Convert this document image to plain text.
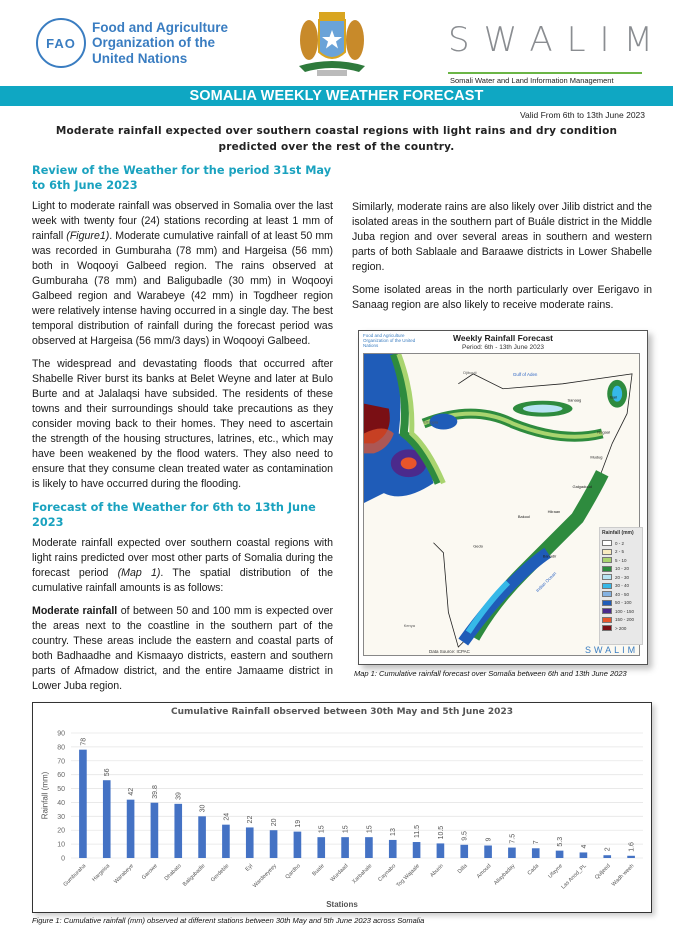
FAO
Food and Agriculture
Organization of the
United Nations	SWALIM
Somali Water and Land Information Management
SOMALIA WEEKLY WEATHER FORECAST
Valid From 6th to 13th June 2023
Moderate rainfall expected over southern coastal regions with light rains and dry condition predicted over the rest of the country.
Review of the Weather for the period 31st May to 6th June 2023

Light to moderate rainfall was observed in Somalia over the last week with twenty four (24) stations recording at least 1 mm of rainfall (Figure1). Moderate cumulative rainfall of at least 50 mm was recorded in Gumburaha (78 mm) and Hargeisa (56 mm) both in Woqooyi Galbeed region. The rains observed at Gumburaha (78 mm) and Baligubadle (30 mm) in Woqooyi Galbeed region and Warabeye (42 mm) in Togdheer region were relatively intense having occurred in a single day. The best temporal distribution of rainfall during the forecast period was observed at Hargeisa (56 mm/3 days) in Woqooyi Galbeed.

The widespread and devastating floods that occurred after Shabelle River burst its banks at Belet Weyne and later at Bulo Burte and at Jalalaqsi have subsided. The residents of these towns and their surroundings should take precautions as they consider moving back to their homes. They need to ascertain the strength of the housing structures, latrines, etc., which may have been weakened by the flood waters. They also need to ensure that they consume clean treated water as contamination is likely to have occurred during the flooding.

Forecast of the Weather for 6th to 13th June 2023

Moderate rainfall expected over southern coastal regions with light rains predicted over most other parts of Somalia during the forecast period (Map 1). The spatial distribution of the cumulative rainfall amounts is as follows:

Moderate rainfall of between 50 and 100 mm is expected over the areas next to the coastline in the southern part of the country. These areas include the eastern and coastal parts of both Badhaadhe and Kismaayo districts, eastern and southern parts of Afmadow district, and the entire Jamaame district in Lower Juba region.

Similarly, moderate rains are also likely over Jilib district and the isolated areas in the southern part of Buále district in the Middle Juba region and over several areas in southern and western parts of both Sablaale and Baraawe districts in Lower Shabelle region.

Some isolated areas in the north particularly over Eerigavo in Sanaag region are also likely to receive moderate rains.

Food and Agriculture Organization of the United Nations
Weekly Rainfall Forecast
Period: 6th - 13th June 2023
Gulf of Aden
Indian Ocean
Ethiopia
Djibouti
Kenya
Gedo
Bakool
Hiiraan
Galgaduud
Mudug
Nugaal
Sanaag
Bari
Banadir
Rainfall (mm)
0 - 2
2 - 5
5 - 10
10 - 20
20 - 30
30 - 40
40 - 50
50 - 100
100 - 150
150 - 200
> 200
Data Source: ICPAC	SWALIM
Map 1: Cumulative rainfall forecast over Somalia between 6th and 13th June 2023
Cumulative Rainfall observed between 30th May and 5th June 2023
Rainfall (mm)
0
10
20
30
40
50
60
70
80
90
78
Gumburaha
56
Hargeisa
42
Warabeye
39.8
Garowe
39
Dhabato
30
Baligubadle
24
Gerdeble
22
Eyl
20
Wardeeyeey
19
Qardho
15
Buale
15
Wurdaad
15
Xarbahale
13
Caynabo
11.5
Tog Wajaale
10.5
Aburin
9.5
Dilla
9
Amoud
7.5
Allaybaday
7
Cada
5.3
Ufayne
4
Las Anod_PL
2
Quljeed
1.6
Wadh weeh
Stations
Figure 1: Cumulative rainfall (mm) observed at different stations between 30th May and 5th June 2023 across Somalia
